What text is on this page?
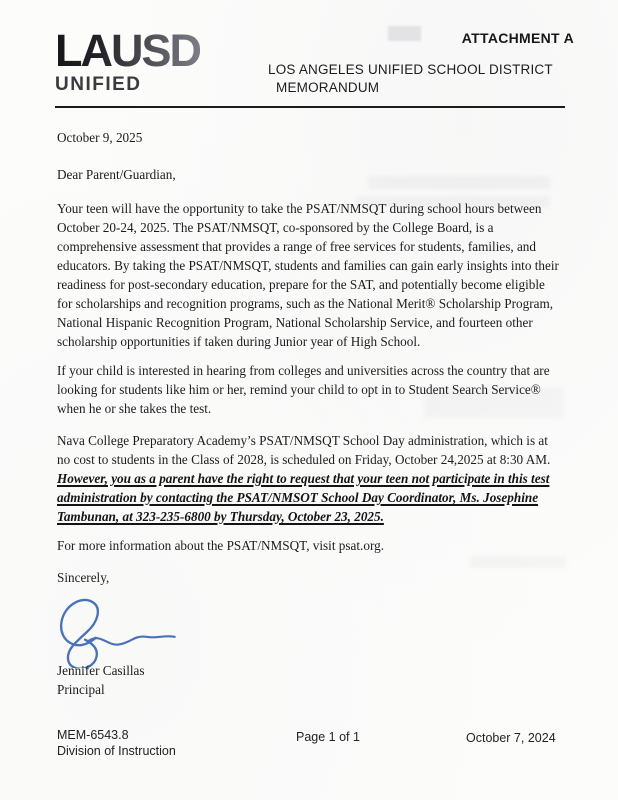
LAUSD
UNIFIED
ATTACHMENT A
LOS ANGELES UNIFIED SCHOOL DISTRICT
MEMORANDUM
October 9, 2025
Dear Parent/Guardian,

Your teen will have the opportunity to take the PSAT/NMSQT during school hours between October 20-24, 2025. The PSAT/NMSQT, co-sponsored by the College Board, is a comprehensive assessment that provides a range of free services for students, families, and educators. By taking the PSAT/NMSQT, students and families can gain early insights into their readiness for post-secondary education, prepare for the SAT, and potentially become eligible for scholarships and recognition programs, such as the National Merit® Scholarship Program, National Hispanic Recognition Program, National Scholarship Service, and fourteen other scholarship opportunities if taken during Junior year of High School.

If your child is interested in hearing from colleges and universities across the country that are looking for students like him or her, remind your child to opt in to Student Search Service® when he or she takes the test.

Nava College Preparatory Academy’s PSAT/NMSQT School Day administration, which is at no cost to students in the Class of 2028, is scheduled on Friday, October 24,2025 at 8:30 AM. However, you as a parent have the right to request that your teen not participate in this test administration by contacting the PSAT/NMSOT School Day Coordinator, Ms. Josephine Tambunan, at 323-235-6800 by Thursday, October 23, 2025.

For more information about the PSAT/NMSQT, visit psat.org.

Sincerely,
Jennifer Casillas
Principal
MEM-6543.8
Division of Instruction
Page 1 of 1	October 7, 2024
